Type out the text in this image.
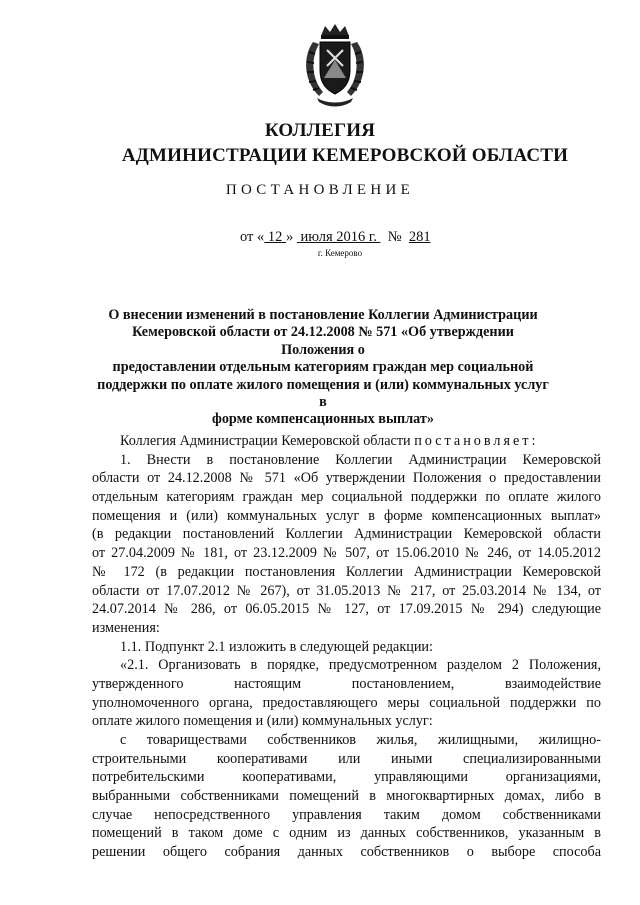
КОЛЛЕГИЯ
АДМИНИСТРАЦИИ КЕМЕРОВСКОЙ ОБЛАСТИ
ПОСТАНОВЛЕНИЕ
от « 12 »  июля 2016 г.   №  281
г. Кемерово
О внесении изменений в постановление Коллегии Администрации
Кемеровской области от 24.12.2008 № 571 «Об утверждении Положения о
предоставлении отдельным категориям граждан мер социальной
поддержки по оплате жилого помещения и (или) коммунальных услуг в
форме компенсационных выплат»
Коллегия Администрации Кемеровской области постановляет:
1. Внести в постановление Коллегии Администрации Кемеровской
области от 24.12.2008 № 571 «Об утверждении Положения о предоставлении
отдельным категориям граждан мер социальной поддержки по оплате жилого
помещения и (или) коммунальных услуг в форме компенсационных выплат»
(в редакции постановлений Коллегии Администрации Кемеровской области
от 27.04.2009 № 181, от 23.12.2009 № 507, от 15.06.2010 № 246, от 14.05.2012
№ 172 (в редакции постановления Коллегии Администрации Кемеровской
области от 17.07.2012 № 267), от 31.05.2013 № 217, от 25.03.2014 № 134, от
24.07.2014 № 286, от 06.05.2015 № 127, от 17.09.2015 № 294) следующие
изменения:
1.1. Подпункт 2.1 изложить в следующей редакции:
«2.1. Организовать в порядке, предусмотренном разделом 2 Положения,
утвержденного настоящим постановлением, взаимодействие
уполномоченного органа, предоставляющего меры социальной поддержки по
оплате жилого помещения и (или) коммунальных услуг:
с товариществами собственников жилья, жилищными, жилищно-
строительными кооперативами или иными специализированными
потребительскими кооперативами, управляющими организациями,
выбранными собственниками помещений в многоквартирных домах, либо в
случае непосредственного управления таким домом собственниками
помещений в таком доме с одним из данных собственников, указанным в
решении общего собрания данных собственников о выборе способа
